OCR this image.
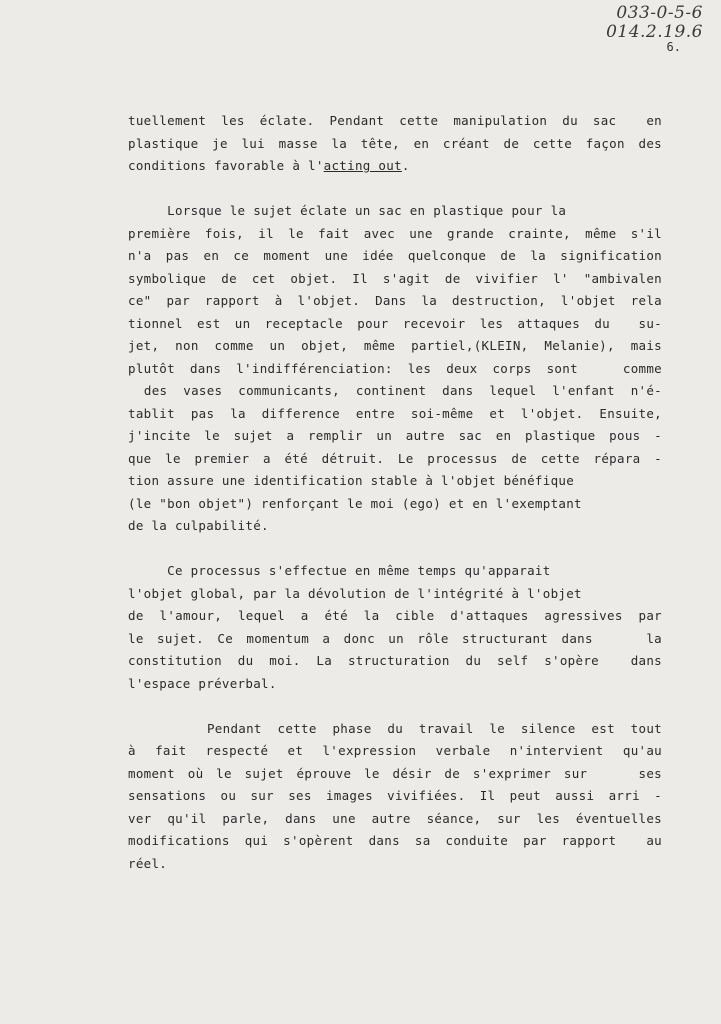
033-0-5-6
014.2.19.6
6.
tuellement les éclate. Pendant cette manipulation du sac  en
plastique je lui masse la tête, en créant de cette façon des
conditions favorable à l'acting out.
Lorsque le sujet éclate un sac en plastique pour la
première fois, il le fait avec une grande crainte, même s'il
n'a pas en ce moment une idée quelconque de la signification
symbolique de cet objet. Il s'agit de vivifier l' "ambivalen
ce" par rapport à l'objet. Dans la destruction, l'objet rela
tionnel est un receptacle pour recevoir les attaques du  su-
jet, non comme un objet, même partiel,(KLEIN, Melanie), mais
plutôt dans l'indifférenciation: les deux corps sont   comme
des vases communicants, continent dans lequel l'enfant n'é-
tablit pas la difference entre soi-même et l'objet. Ensuite,
j'incite le sujet a remplir un autre sac en plastique pous -
que le premier a été détruit. Le processus de cette répara -
tion assure une identification stable à l'objet bénéfique
(le "bon objet") renforçant le moi (ego) et en l'exemptant
de la culpabilité.
Ce processus s'effectue en même temps qu'apparait
l'objet global, par la dévolution de l'intégrité à l'objet
de l'amour, lequel a été la cible d'attaques agressives par
le sujet. Ce momentum a donc un rôle structurant dans    la
constitution du moi. La structuration du self s'opère  dans
l'espace préverbal.
Pendant cette phase du travail le silence est tout
à fait respecté et l'expression verbale n'intervient qu'au
moment où le sujet éprouve le désir de s'exprimer sur    ses
sensations ou sur ses images vivifiées. Il peut aussi arri -
ver qu'il parle, dans une autre séance, sur les éventuelles
modifications qui s'opèrent dans sa conduite par rapport  au
réel.
